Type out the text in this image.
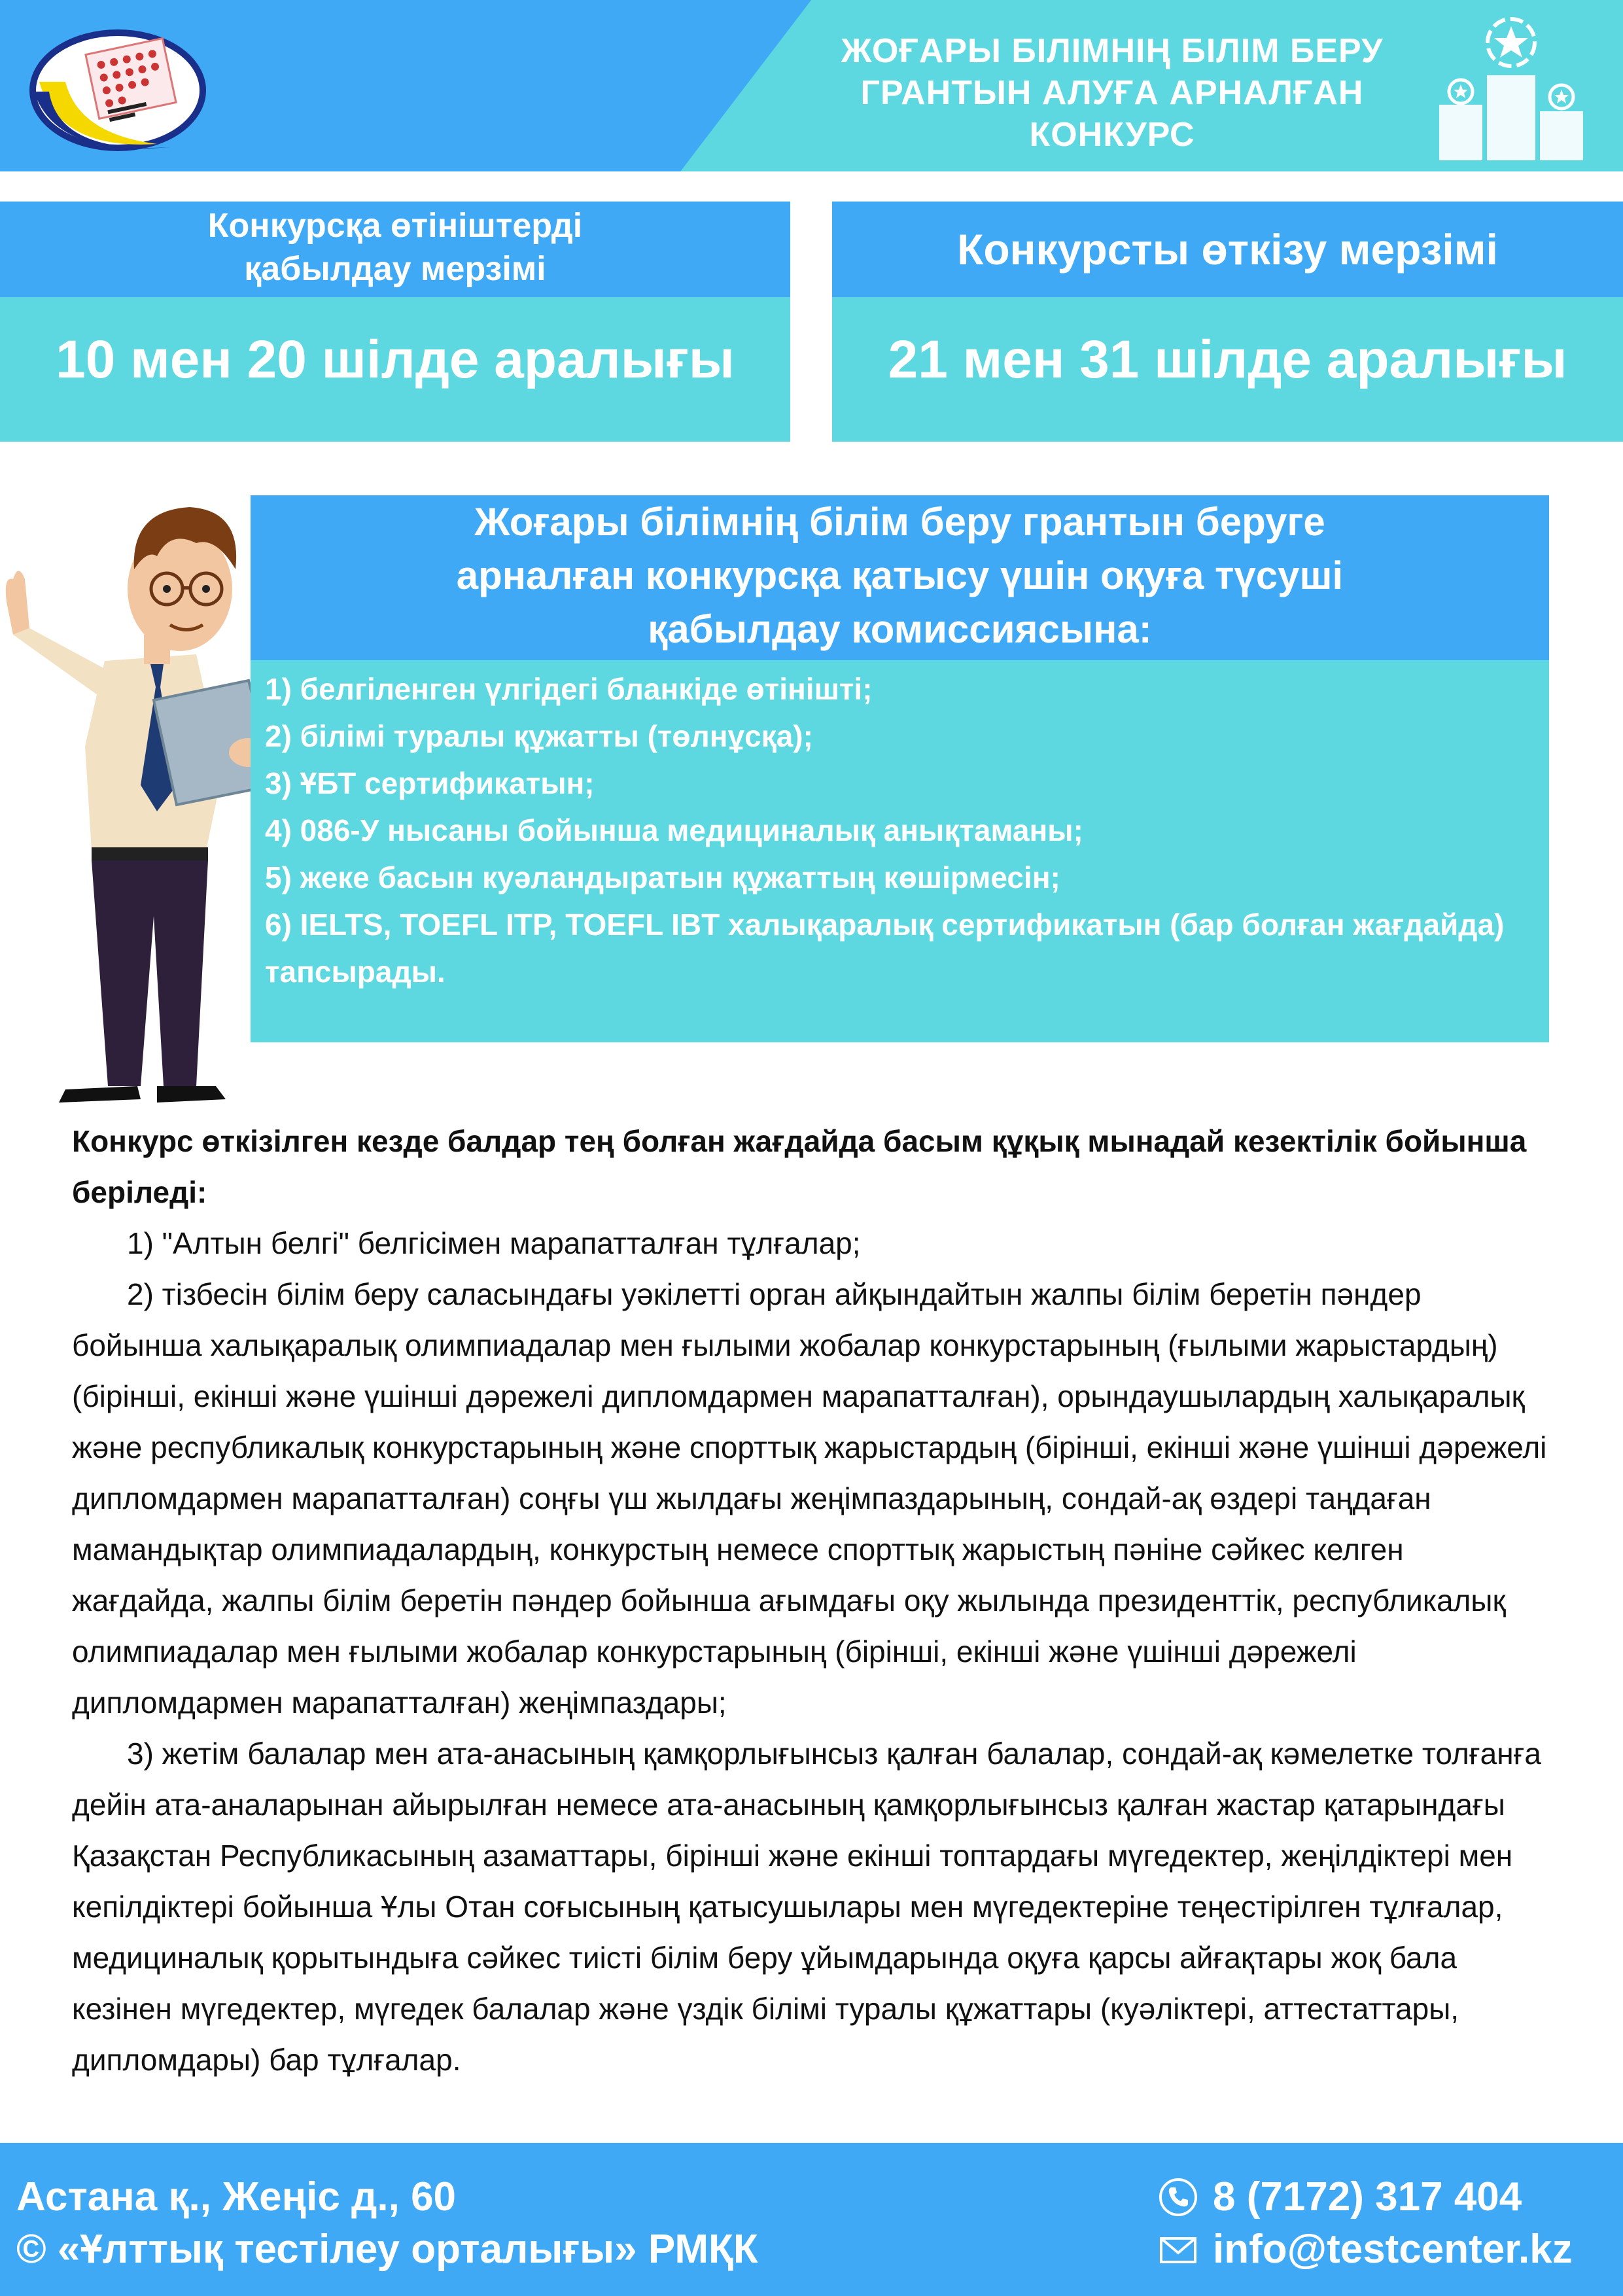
ЖОҒАРЫ БІЛІМНІҢ БІЛІМ БЕРУ
ГРАНТЫН АЛУҒА АРНАЛҒАН
КОНКУРС
Конкурсқа өтініштерді
қабылдау мерзімі
10 мен 20 шілде аралығы
Конкурсты өткізу мерзімі
21 мен 31 шілде аралығы
Жоғары білімнің білім беру грантын беруге
арналған конкурсқа қатысу үшін оқуға түсуші
қабылдау комиссиясына:
1) белгіленген үлгідегі бланкіде өтінішті;
2) білімі туралы құжатты (төлнұсқа);
3) ҰБТ сертификатын;
4) 086-У нысаны бойынша медициналық анықтаманы;
5) жеке басын куәландыратын құжаттың көшірмесін;
6) IELTS, TOEFL ITP, TOEFL IBT халықаралық сертификатын (бар болған жағдайда) тапсырады.

Конкурс өткізілген кезде балдар тең болған жағдайда басым құқық мынадай кезектілік бойынша беріледі:

1) "Алтын белгі" белгісімен марапатталған тұлғалар;

2) тізбесін білім беру саласындағы уәкілетті орган айқындайтын жалпы білім беретін пәндер бойынша халықаралық олимпиадалар мен ғылыми жобалар конкурстарының (ғылыми жарыстардың) (бірінші, екінші және үшінші дәрежелі дипломдармен марапатталған), орындаушылардың халықаралық және республикалық конкурстарының және спорттық жарыстардың (бірінші, екінші және үшінші дәрежелі дипломдармен марапатталған) соңғы үш жылдағы жеңімпаздарының, сондай-ақ өздері таңдаған мамандықтар олимпиадалардың, конкурстың немесе спорттық жарыстың пәніне сәйкес келген жағдайда, жалпы білім беретін пәндер бойынша ағымдағы оқу жылында президенттік, республикалық олимпиадалар мен ғылыми жобалар конкурстарының (бірінші, екінші және үшінші дәрежелі дипломдармен марапатталған) жеңімпаздары;

3) жетім балалар мен ата-анасының қамқорлығынсыз қалған балалар, сондай-ақ кәмелетке толғанға дейін ата-аналарынан айырылған немесе ата-анасының қамқорлығынсыз қалған жастар қатарындағы Қазақстан Республикасының азаматтары, бірінші және екінші топтардағы мүгедектер, жеңілдіктері мен кепілдіктері бойынша Ұлы Отан соғысының қатысушылары мен мүгедектеріне теңестірілген тұлғалар, медициналық қорытындыға сәйкес тиісті білім беру ұйымдарында оқуға қарсы айғақтары жоқ бала кезінен мүгедектер, мүгедек балалар және үздік білімі туралы құжаттары (куәліктері, аттестаттары, дипломдары) бар тұлғалар.

Астана қ., Жеңіс д., 60
© «Ұлттық тестілеу орталығы» РМҚК
8 (7172) 317 404
info@testcenter.kz
